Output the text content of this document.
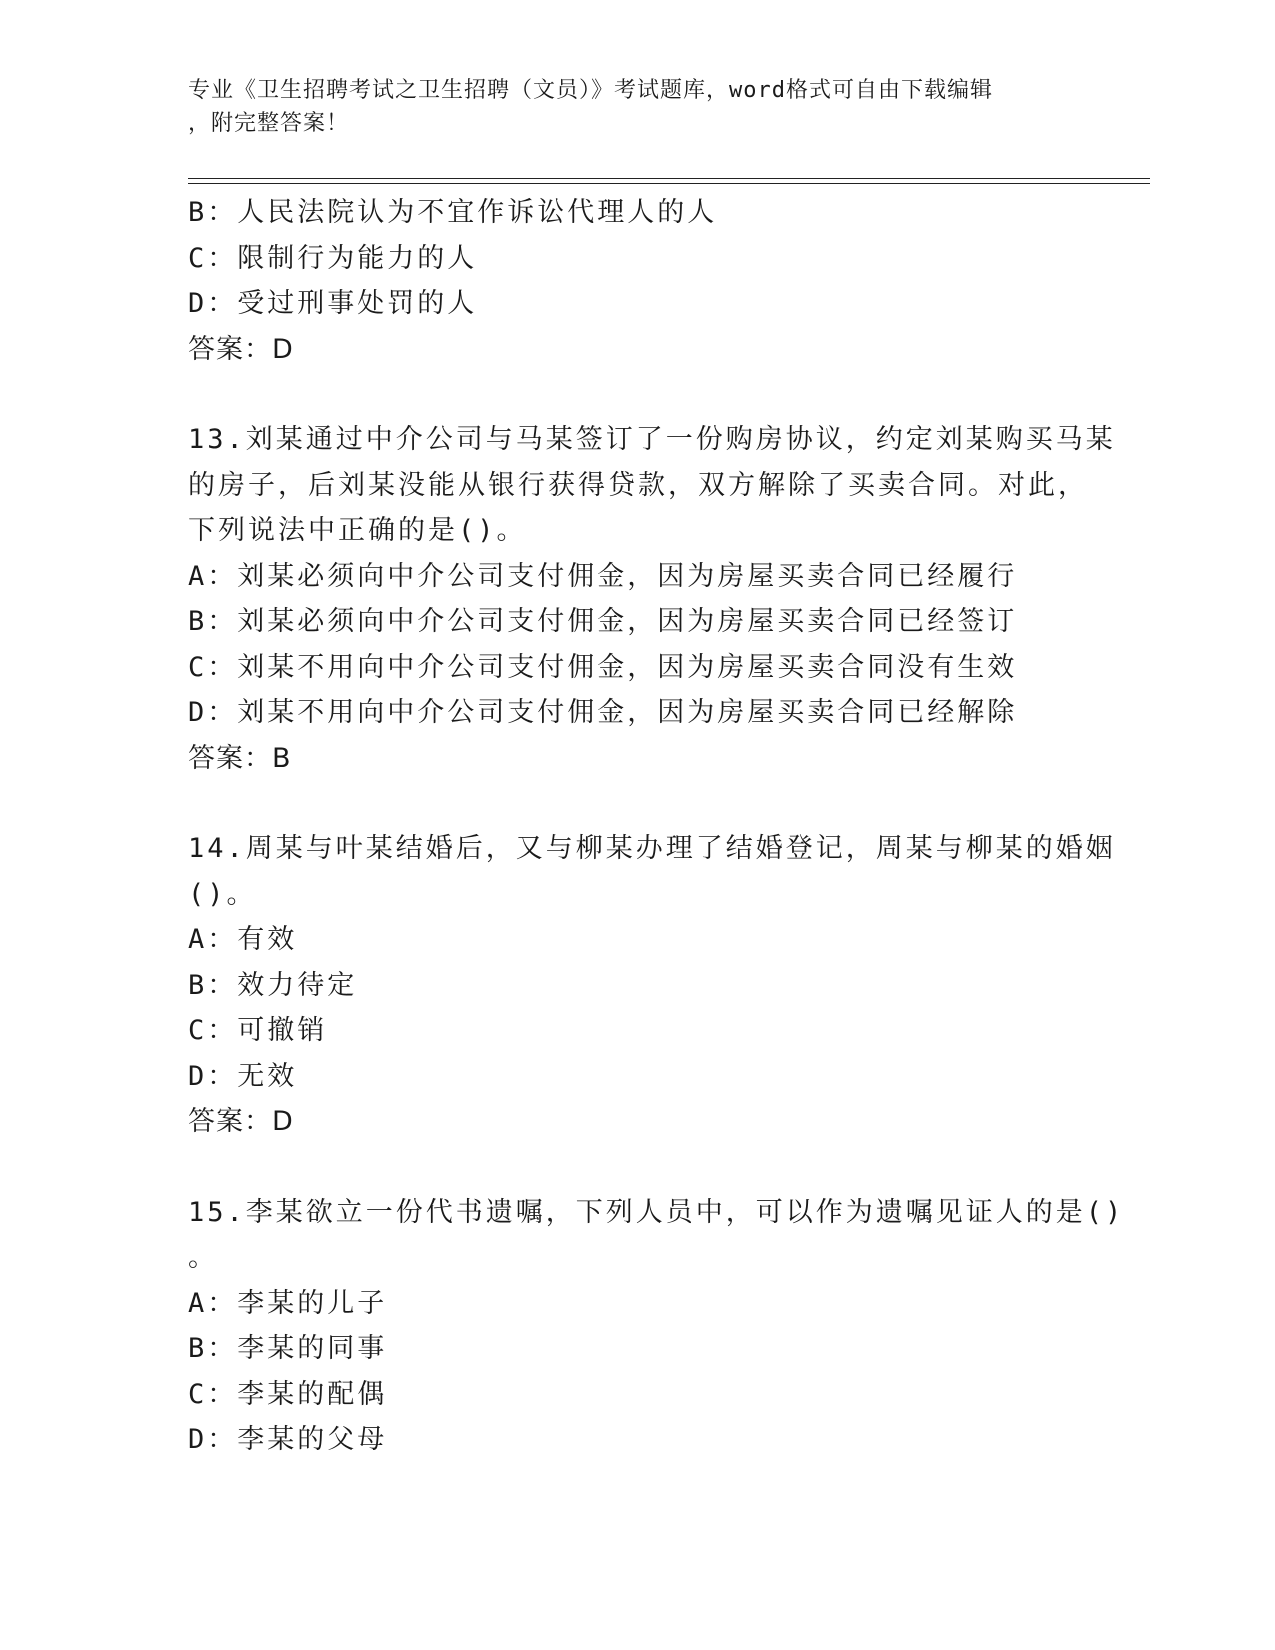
专业《卫生招聘考试之卫生招聘（文员）》考试题库，word格式可自由下载编辑
，附完整答案！
B：人民法院认为不宜作诉讼代理人的人
C：限制行为能力的人
D：受过刑事处罚的人
答案：D
13.刘某通过中介公司与马某签订了一份购房协议，约定刘某购买马某
的房子，后刘某没能从银行获得贷款，双方解除了买卖合同。对此，
下列说法中正确的是()。
A：刘某必须向中介公司支付佣金，因为房屋买卖合同已经履行
B：刘某必须向中介公司支付佣金，因为房屋买卖合同已经签订
C：刘某不用向中介公司支付佣金，因为房屋买卖合同没有生效
D：刘某不用向中介公司支付佣金，因为房屋买卖合同已经解除
答案：B
14.周某与叶某结婚后，又与柳某办理了结婚登记，周某与柳某的婚姻
()。
A：有效
B：效力待定
C：可撤销
D：无效
答案：D
15.李某欲立一份代书遗嘱，下列人员中，可以作为遗嘱见证人的是()
。
A：李某的儿子
B：李某的同事
C：李某的配偶
D：李某的父母
